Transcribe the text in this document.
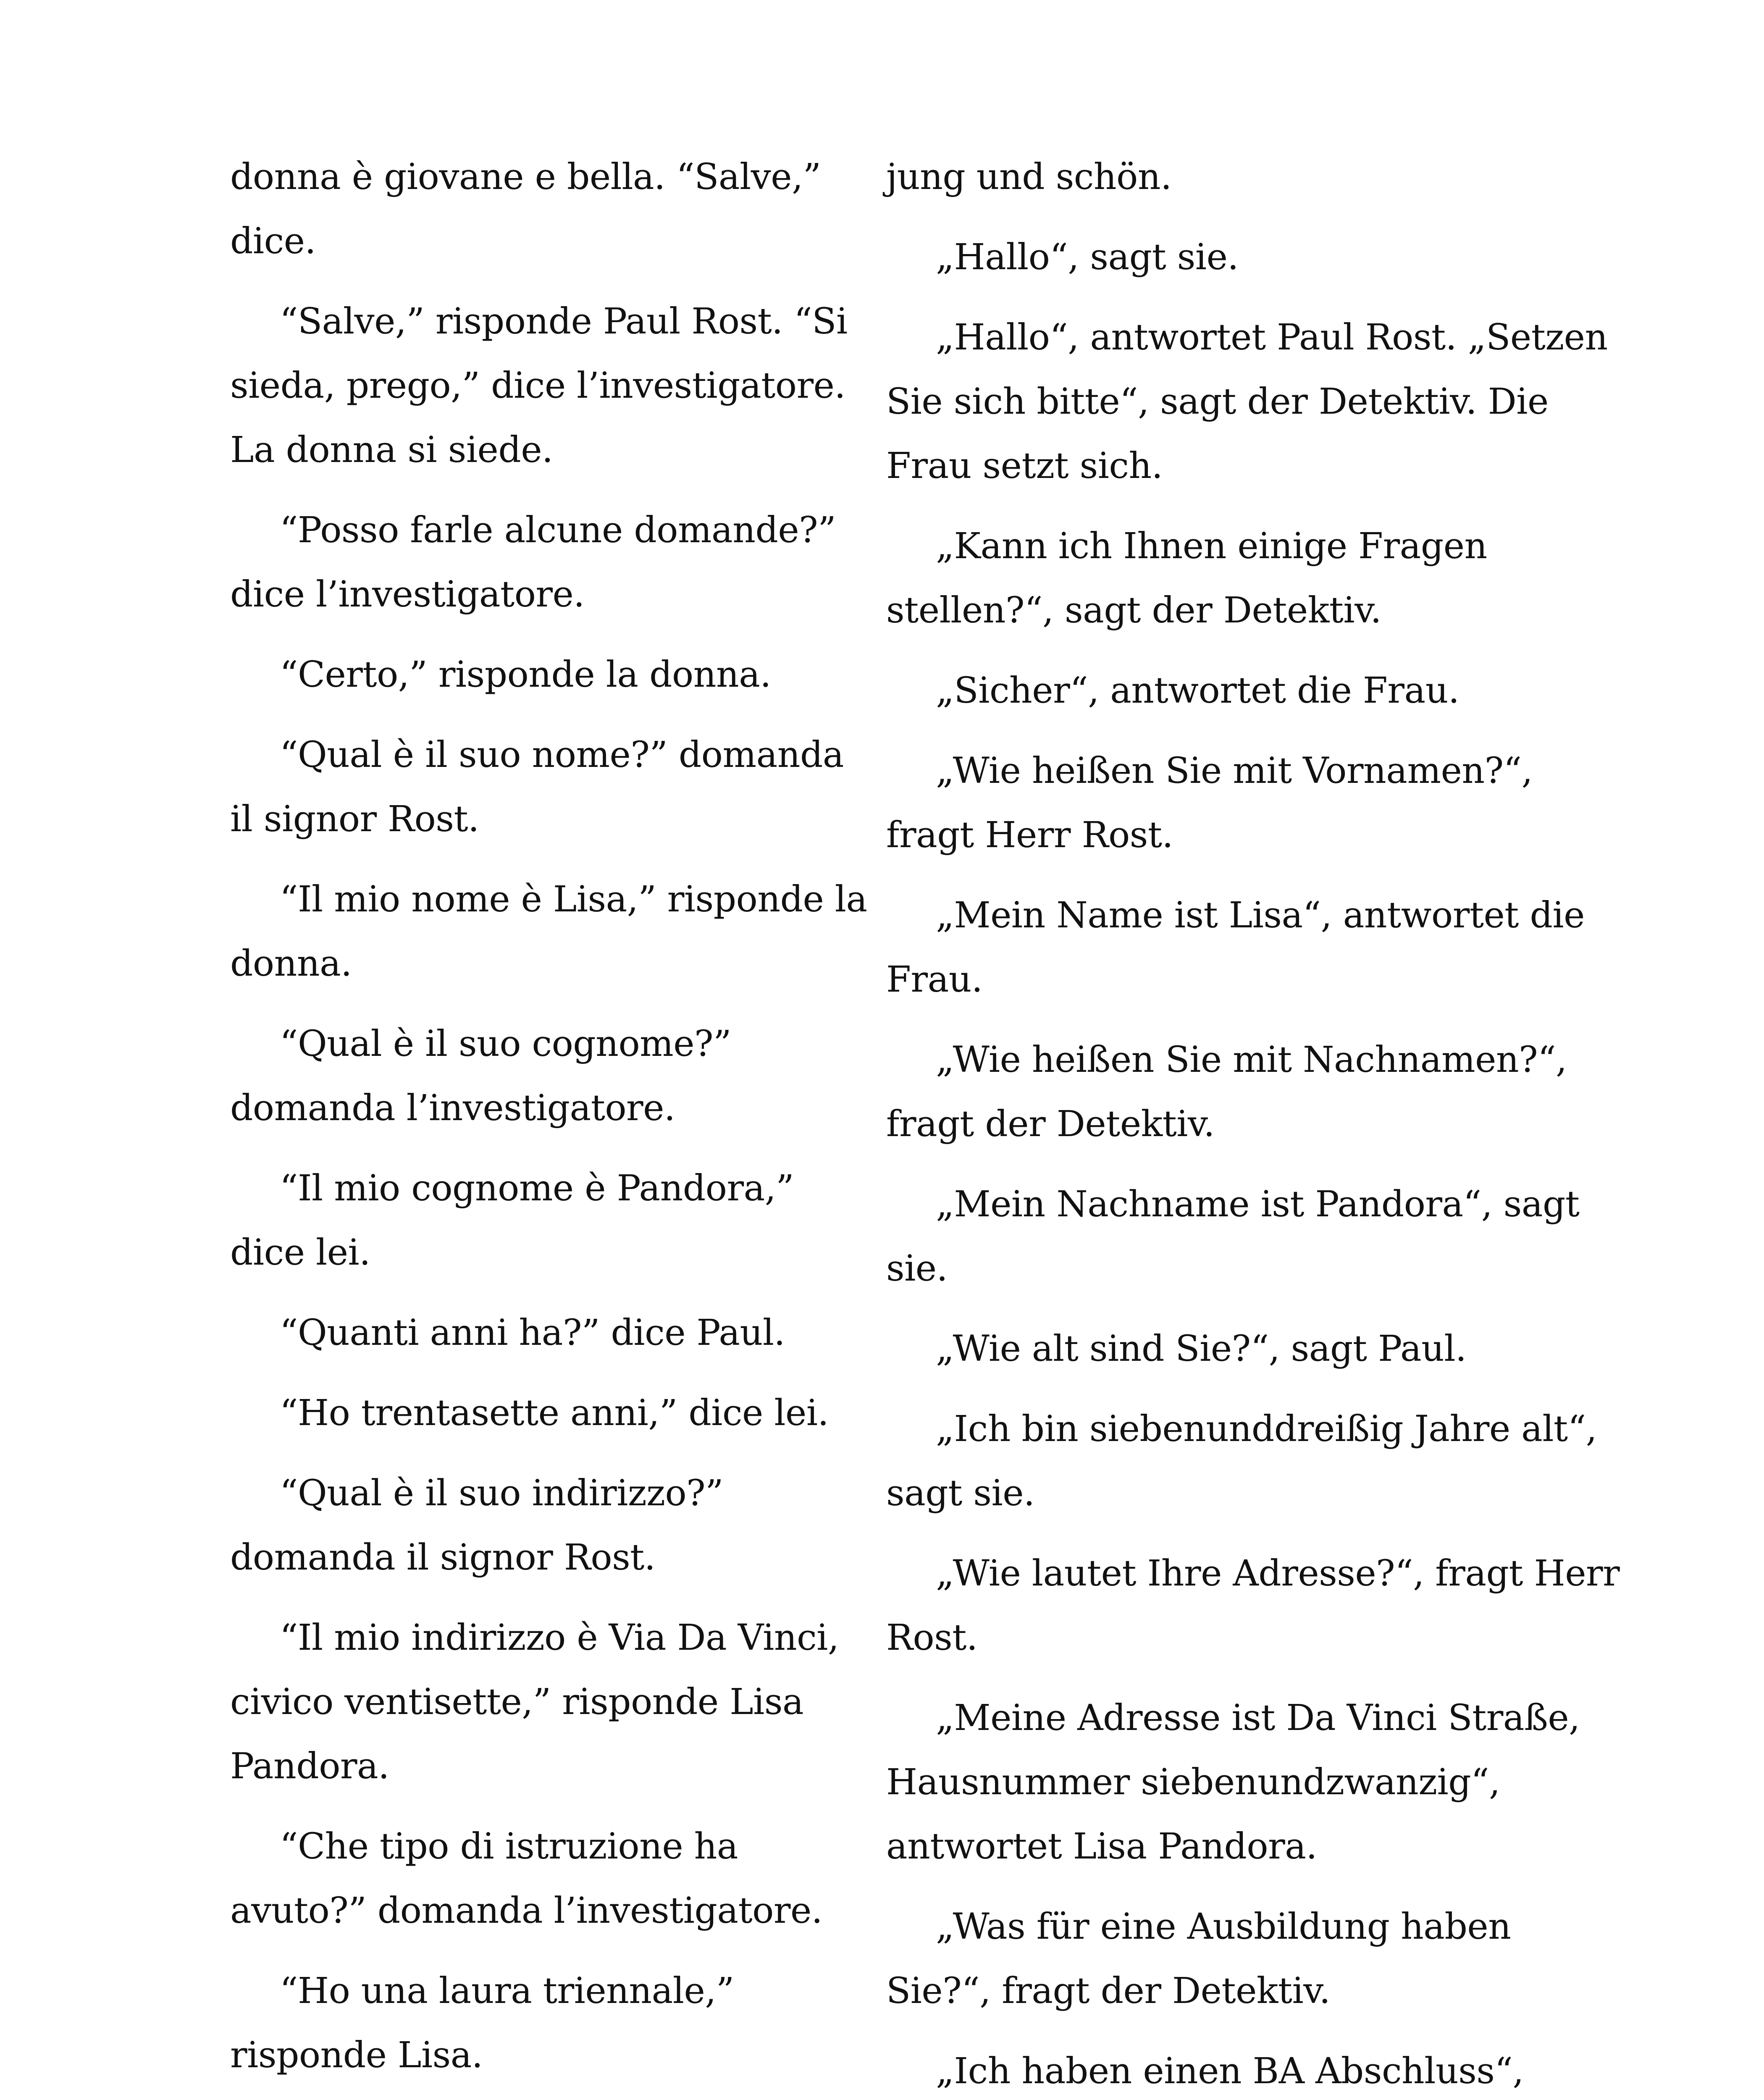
donna è giovane e bella. “Salve,”
dice.

“Salve,” risponde Paul Rost. “Si
sieda, prego,” dice l’investigatore.
La donna si siede.

“Posso farle alcune domande?”
dice l’investigatore.

“Certo,” risponde la donna.

“Qual è il suo nome?” domanda
il signor Rost.

“Il mio nome è Lisa,” risponde la
donna.

“Qual è il suo cognome?”
domanda l’investigatore.

“Il mio cognome è Pandora,”
dice lei.

“Quanti anni ha?” dice Paul.

“Ho trentasette anni,” dice lei.

“Qual è il suo indirizzo?”
domanda il signor Rost.

“Il mio indirizzo è Via Da Vinci,
civico ventisette,” risponde Lisa
Pandora.

“Che tipo di istruzione ha
avuto?” domanda l’investigatore.

“Ho una laura triennale,”
risponde Lisa.

jung und schön.

„Hallo“, sagt sie.

„Hallo“, antwortet Paul Rost. „Setzen
Sie sich bitte“, sagt der Detektiv. Die
Frau setzt sich.

„Kann ich Ihnen einige Fragen
stellen?“, sagt der Detektiv.

„Sicher“, antwortet die Frau.

„Wie heißen Sie mit Vornamen?“,
fragt Herr Rost.

„Mein Name ist Lisa“, antwortet die
Frau.

„Wie heißen Sie mit Nachnamen?“,
fragt der Detektiv.

„Mein Nachname ist Pandora“, sagt
sie.

„Wie alt sind Sie?“, sagt Paul.

„Ich bin siebenunddreißig Jahre alt“,
sagt sie.

„Wie lautet Ihre Adresse?“, fragt Herr
Rost.

„Meine Adresse ist Da Vinci Straße,
Hausnummer siebenundzwanzig“,
antwortet Lisa Pandora.

„Was für eine Ausbildung haben
Sie?“, fragt der Detektiv.

„Ich haben einen BA Abschluss“,
